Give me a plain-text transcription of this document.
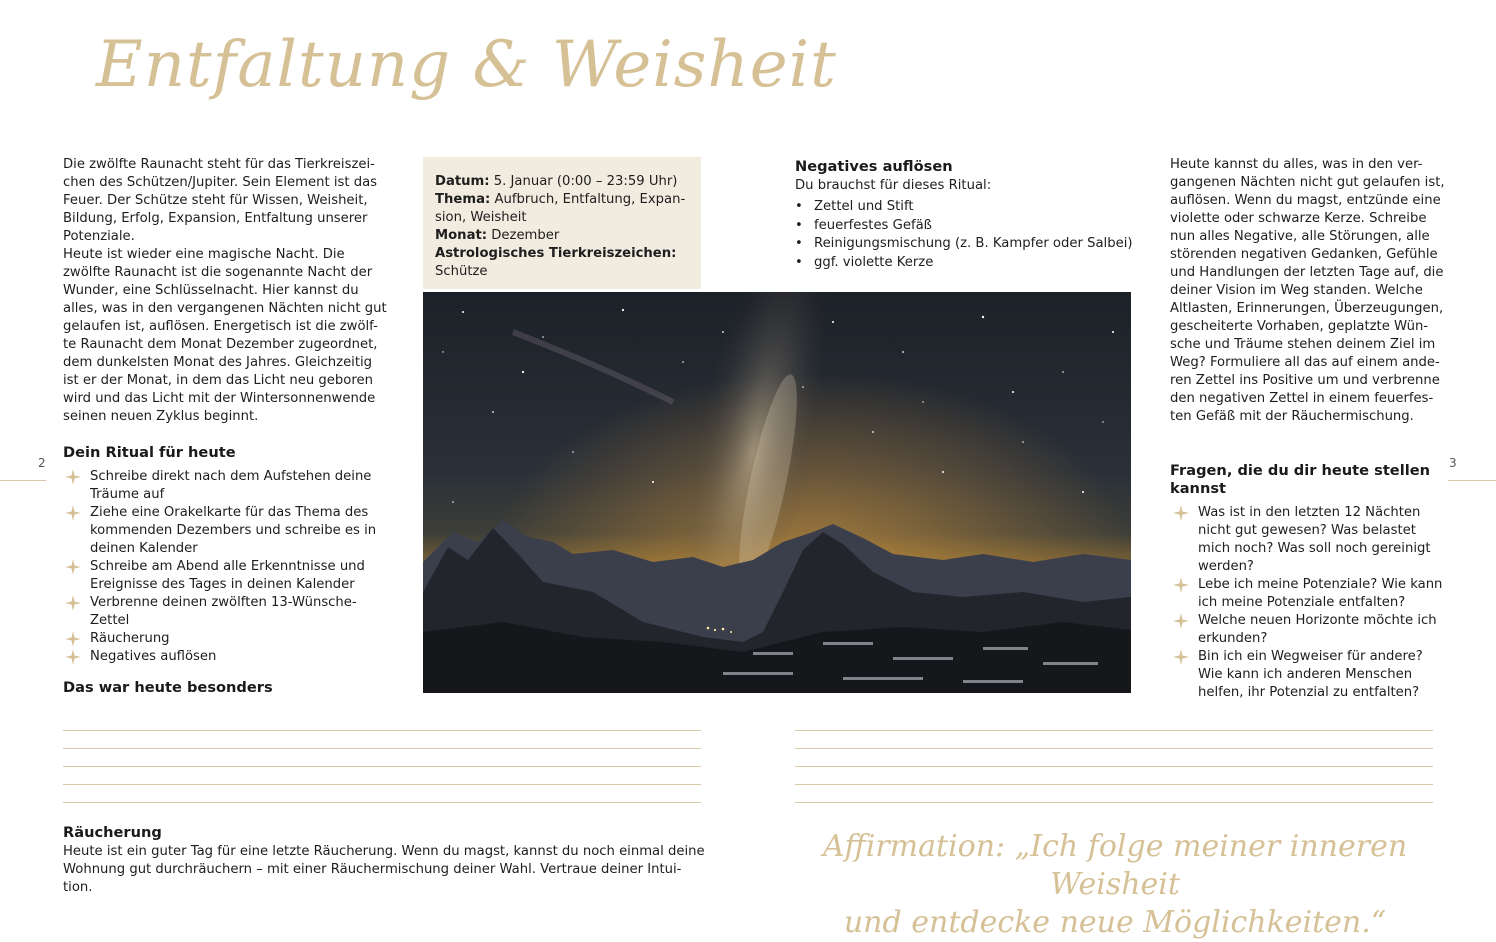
Entfaltung & Weisheit
2	3

Die zwölfte Raunacht steht für das Tierkreiszei-

chen des Schützen/Jupiter. Sein Element ist das

Feuer. Der Schütze steht für Wissen, Weisheit,

Bildung, Erfolg, Expansion, Entfaltung unserer

Potenziale.

Heute ist wieder eine magische Nacht. Die

zwölfte Raunacht ist die sogenannte Nacht der

Wunder, eine Schlüsselnacht. Hier kannst du

alles, was in den vergangenen Nächten nicht gut

gelaufen ist, auflösen. Energetisch ist die zwölf-

te Raunacht dem Monat Dezember zugeordnet,

dem dunkelsten Monat des Jahres. Gleichzeitig

ist er der Monat, in dem das Licht neu geboren

wird und das Licht mit der Wintersonnenwende

seinen neuen Zyklus beginnt.

Dein Ritual für heute
Schreibe direkt nach dem Aufstehen deine
Träume auf
Ziehe eine Orakelkarte für das Thema des
kommenden Dezembers und schreibe es in
deinen Kalender
Schreibe am Abend alle Erkenntnisse und
Ereignisse des Tages in deinen Kalender
Verbrenne deinen zwölften 13-Wünsche-
Zettel
Räucherung
Negatives auflösen
Das war heute besonders
Räucherung

Heute ist ein guter Tag für eine letzte Räucherung. Wenn du magst, kannst du noch einmal deine

Wohnung gut durchräuchern – mit einer Räuchermischung deiner Wahl. Vertraue deiner Intui-

tion.

Datum: 5. Januar (0:00 – 23:59 Uhr)
Thema: Aufbruch, Entfaltung, Expan-
sion, Weisheit
Monat: Dezember
Astrologisches Tierkreiszeichen:
Schütze
Negatives auflösen
Du brauchst für dieses Ritual:
• Zettel und Stift
• feuerfestes Gefäß
• Reinigungsmischung (z. B. Kampfer oder Salbei)
• ggf. violette Kerze

Heute kannst du alles, was in den ver-

gangenen Nächten nicht gut gelaufen ist,

auflösen. Wenn du magst, entzünde eine

violette oder schwarze Kerze. Schreibe

nun alles Negative, alle Störungen, alle

störenden negativen Gedanken, Gefühle

und Handlungen der letzten Tage auf, die

deiner Vision im Weg standen. Welche

Altlasten, Erinnerungen, Überzeugungen,

gescheiterte Vorhaben, geplatzte Wün-

sche und Träume stehen deinem Ziel im

Weg? Formuliere all das auf einem ande-

ren Zettel ins Positive um und verbrenne

den negativen Zettel in einem feuerfes-

ten Gefäß mit der Räuchermischung.

Fragen, die du dir heute stellen
kannst
Was ist in den letzten 12 Nächten
nicht gut gewesen? Was belastet
mich noch? Was soll noch gereinigt
werden?
Lebe ich meine Potenziale? Wie kann
ich meine Potenziale entfalten?
Welche neuen Horizonte möchte ich
erkunden?
Bin ich ein Wegweiser für andere?
Wie kann ich anderen Menschen
helfen, ihr Potenzial zu entfalten?
Affirmation: „Ich folge meiner inneren Weisheit
und entdecke neue Möglichkeiten.“
